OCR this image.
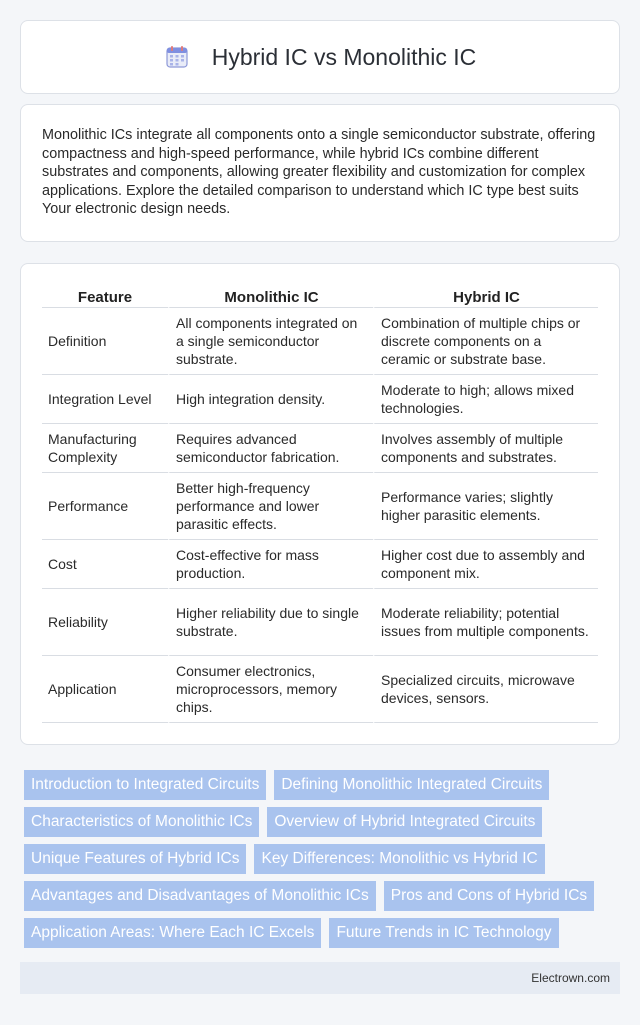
Hybrid IC vs Monolithic IC

Monolithic ICs integrate all components onto a single semiconductor substrate, offering compactness and high-speed performance, while hybrid ICs combine different substrates and components, allowing greater flexibility and customization for complex applications. Explore the detailed comparison to understand which IC type best suits Your electronic design needs.

Feature	Monolithic IC	Hybrid IC
Definition	All components integrated on a single semiconductor substrate.	Combination of multiple chips or discrete components on a ceramic or substrate base.
Integration Level	High integration density.	Moderate to high; allows mixed technologies.
Manufacturing Complexity	Requires advanced semiconductor fabrication.	Involves assembly of multiple components and substrates.
Performance	Better high-frequency performance and lower parasitic effects.	Performance varies; slightly higher parasitic elements.
Cost	Cost-effective for mass production.	Higher cost due to assembly and component mix.
Reliability	Higher reliability due to single substrate.	Moderate reliability; potential issues from multiple components.
Application	Consumer electronics, microprocessors, memory chips.	Specialized circuits, microwave devices, sensors.
Introduction to Integrated Circuits	Defining Monolithic Integrated Circuits
Characteristics of Monolithic ICs	Overview of Hybrid Integrated Circuits
Unique Features of Hybrid ICs	Key Differences: Monolithic vs Hybrid IC
Advantages and Disadvantages of Monolithic ICs	Pros and Cons of Hybrid ICs
Application Areas: Where Each IC Excels	Future Trends in IC Technology
Electrown.com
